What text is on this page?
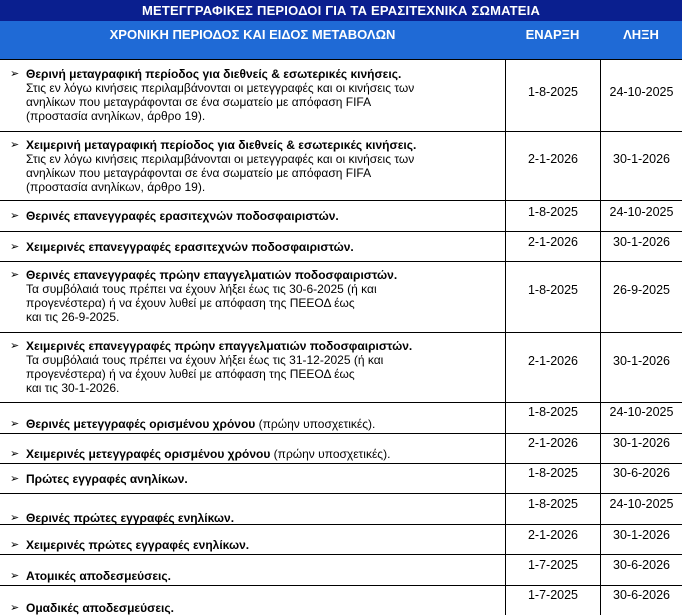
ΜΕΤΕΓΓΡΑΦΙΚΕΣ ΠΕΡΙΟΔΟΙ ΓΙΑ ΤΑ ΕΡΑΣΙΤΕΧΝΙΚΑ ΣΩΜΑΤΕΙΑ
ΧΡΟΝΙΚΗ ΠΕΡΙΟΔΟΣ ΚΑΙ ΕΙΔΟΣ ΜΕΤΑΒΟΛΩΝ	ΕΝΑΡΞΗ	ΛΗΞΗ
➢ Θερινή μεταγραφική περίοδος για διεθνείς & εσωτερικές κινήσεις.
Στις εν λόγω κινήσεις περιλαμβάνονται οι μετεγγραφές και οι κινήσεις των
ανηλίκων που μεταγράφονται σε ένα σωματείο με απόφαση FIFA
(προστασία ανηλίκων, άρθρο 19).
1-8-2025	24-10-2025
➢ Χειμερινή μεταγραφική περίοδος για διεθνείς & εσωτερικές κινήσεις.
Στις εν λόγω κινήσεις περιλαμβάνονται οι μετεγγραφές και οι κινήσεις των
ανηλίκων που μεταγράφονται σε ένα σωματείο με απόφαση FIFA
(προστασία ανηλίκων, άρθρο 19).
2-1-2026	30-1-2026
➢ Θερινές επανεγγραφές ερασιτεχνών ποδοσφαιριστών.	1-8-2025	24-10-2025
➢ Χειμερινές επανεγγραφές ερασιτεχνών ποδοσφαιριστών.	2-1-2026	30-1-2026
➢ Θερινές επανεγγραφές πρώην επαγγελματιών ποδοσφαιριστών.
Τα συμβόλαιά τους πρέπει να έχουν λήξει έως τις 30-6-2025 (ή και
προγενέστερα) ή να έχουν λυθεί με απόφαση της ΠΕΕΟΔ έως
και τις 26-9-2025.
1-8-2025	26-9-2025
➢ Χειμερινές επανεγγραφές πρώην επαγγελματιών ποδοσφαιριστών.
Τα συμβόλαιά τους πρέπει να έχουν λήξει έως τις 31-12-2025 (ή και
προγενέστερα) ή να έχουν λυθεί με απόφαση της ΠΕΕΟΔ έως
και τις 30-1-2026.
2-1-2026	30-1-2026
➢ Θερινές μετεγγραφές ορισμένου χρόνου (πρώην υποσχετικές).
1-8-2025	24-10-2025
➢ Χειμερινές μετεγγραφές ορισμένου χρόνου (πρώην υποσχετικές).
2-1-2026	30-1-2026
➢ Πρώτες εγγραφές ανηλίκων.	1-8-2025	30-6-2026
➢ Θερινές πρώτες εγγραφές ενηλίκων.
1-8-2025	24-10-2025
➢ Χειμερινές πρώτες εγγραφές ενηλίκων.
2-1-2026	30-1-2026
➢ Ατομικές αποδεσμεύσεις.
1-7-2025	30-6-2026
➢ Ομαδικές αποδεσμεύσεις.
1-7-2025	30-6-2026
